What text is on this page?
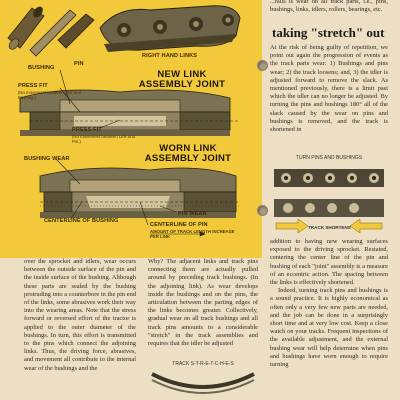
RIGHT HAND LINKS
PIN
BUSHING
NEW LINK ASSEMBLY JOINT
PRESS FIT
(No movement between Link and Bushing.)
PRESS FIT
(No movement between Link and Pin.)
WORN LINK ASSEMBLY JOINT
BUSHING WEAR
PIN WEAR
CENTERLINE OF BUSHING
CENTERLINE OF PIN
AMOUNT OF TRACK LENGTH INCREASE PER LINK

over the sprocket and idlers, wear occurs between the outside surface of the pin and the inside surface of the bushing. Although these parts are sealed by the bushing protruding into a counterbore in the pin end of the links, some abrasives work their way into the wearing areas. Note that the stress forward or reversed effort of the tractor is applied to the outer diameter of the bushings. In turn, this effort is transmitted to the pins which connect the adjoining links. Thus, the driving force, abrasives, and movement all contribute to the internal wear of the bushings and the

Why? The adjacent links and track pins connecting them are actually pulled around by preceding track bushings. (In the adjoining link). As wear develops inside the bushings and on the pins, the articulation between the parting edges of the links becomes greater. Collectively, gradual wear on all track bushings and all track pins amounts to a considerable "stretch" in the track assemblies and requires that the idler be adjusted

TRACK S-T-R-E-T-C-H-E-S

...ralls is wear on all track parts, i.e., pins, bushings, links, idlers, rollers, bearings, etc.

taking "stretch" out

At the risk of being guilty of repetition, we point out again the progression of events as the track parts wear: 1) Bushings and pins wear; 2) the track loosens; and, 3) the idler is adjusted forward to remove the slack. As mentioned previously, there is a limit past which the idler can no longer be adjusted. By turning the pins and bushings 180° all of the slack caused by the wear on pins and bushings is removed, and the track is shortened in

TURN PINS AND BUSHINGS
TRACK SHORTENS

addition to having new wearing surfaces exposed to the driving sprocket. Restated, centering the center line of the pin and bushing of each "joint" assembly is a measure of an eccentric action. The spacing between the links is effectively shortened.

Indeed, turning track pins and bushings is a sound practice. It is highly economical as often only a very few new parts are needed, and the job can be done in a surprisingly short time and at very low cost. Keep a close watch on your tracks. Frequent inspections of the available adjustment, and the external bushing wear will help determine when pins and bushings have worn enough to require turning
